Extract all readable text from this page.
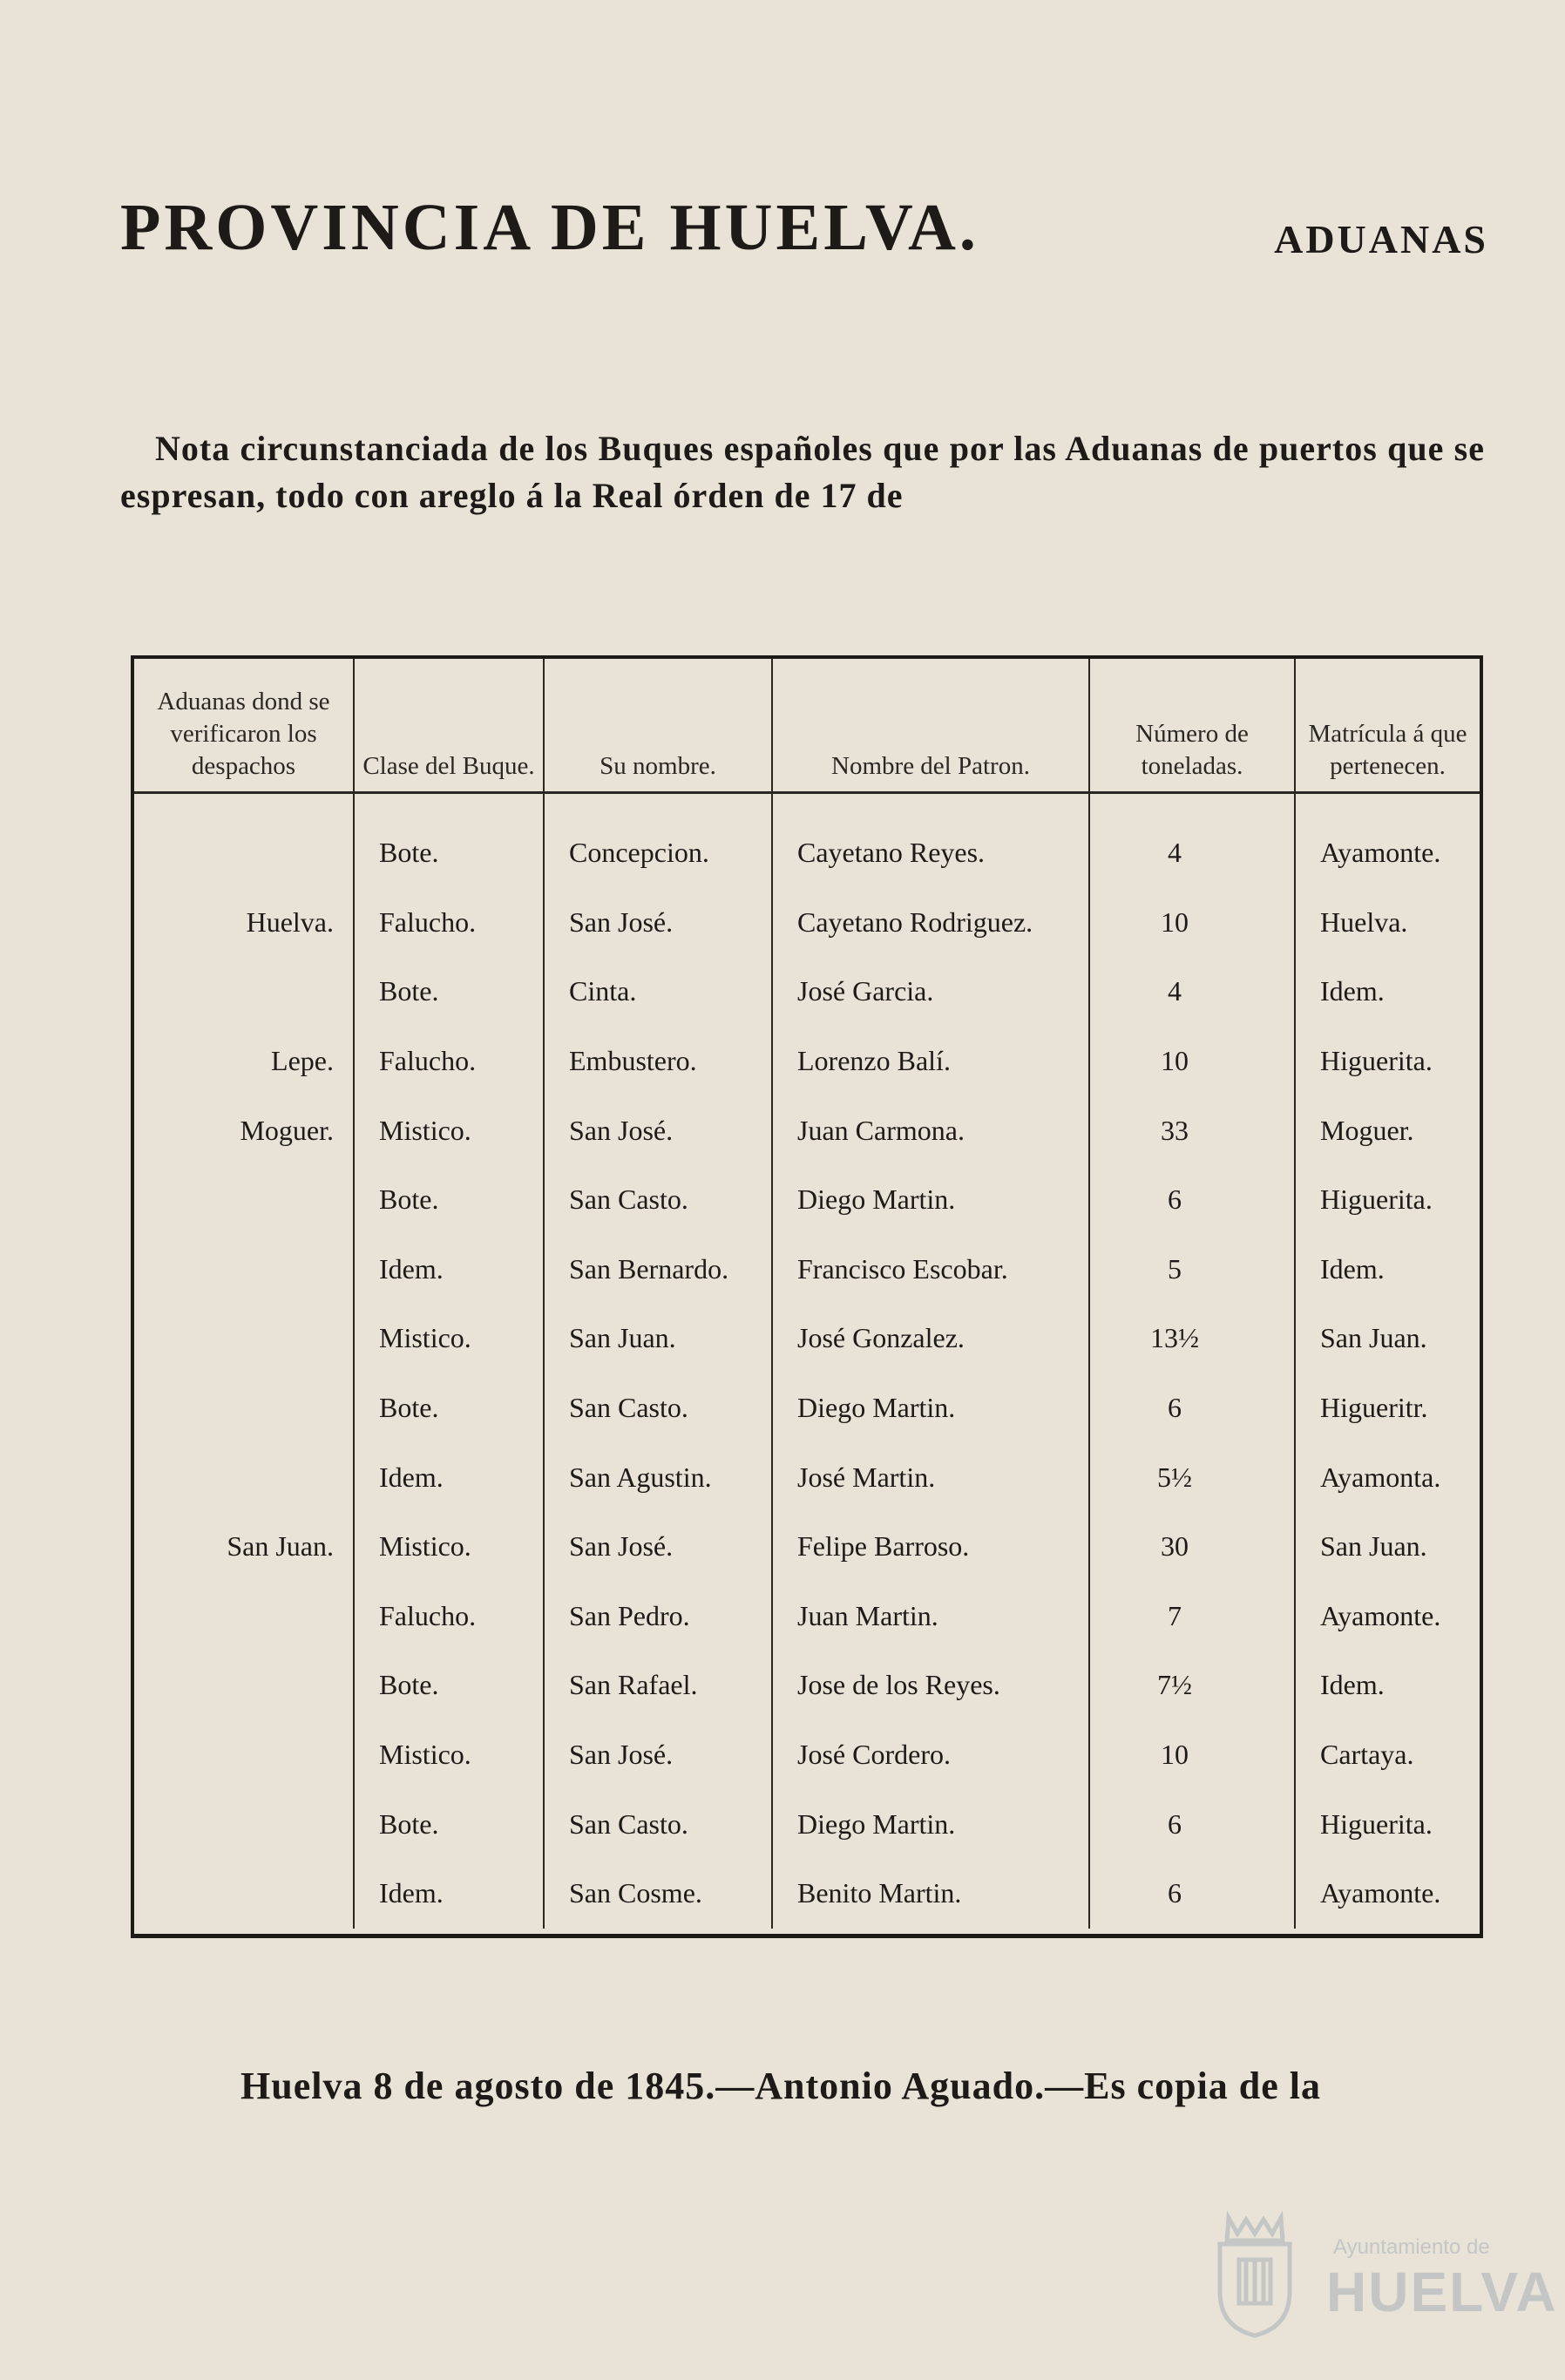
PROVINCIA DE HUELVA.	ADUANAS

Nota circunstanciada de los Buques españoles que por las Aduanas de puertos que se espresan, todo con areglo á la Real órden de 17 de

Aduanas dond se verificaron los despachos	Clase del Buque.	Su nombre.	Nombre del Patron.	Número de toneladas.	Matrícula á que pertenecen.
	Bote.	Concepcion.	Cayetano Reyes.	4	Ayamonte.
Huelva.	Falucho.	San José.	Cayetano Rodriguez.	10	Huelva.
	Bote.	Cinta.	José Garcia.	4	Idem.
Lepe.	Falucho.	Embustero.	Lorenzo Balí.	10	Higuerita.
Moguer.	Mistico.	San José.	Juan Carmona.	33	Moguer.
	Bote.	San Casto.	Diego Martin.	6	Higuerita.
	Idem.	San Bernardo.	Francisco Escobar.	5	Idem.
	Mistico.	San Juan.	José Gonzalez.	13½	San Juan.
	Bote.	San Casto.	Diego Martin.	6	Higueritr.
	Idem.	San Agustin.	José Martin.	5½	Ayamonta.
San Juan.	Mistico.	San José.	Felipe Barroso.	30	San Juan.
	Falucho.	San Pedro.	Juan Martin.	7	Ayamonte.
	Bote.	San Rafael.	Jose de los Reyes.	7½	Idem.
	Mistico.	San José.	José Cordero.	10	Cartaya.
	Bote.	San Casto.	Diego Martin.	6	Higuerita.
	Idem.	San Cosme.	Benito Martin.	6	Ayamonte.

Huelva 8 de agosto de 1845.—Antonio Aguado.—Es copia de la

Ayuntamiento de
HUELVA
